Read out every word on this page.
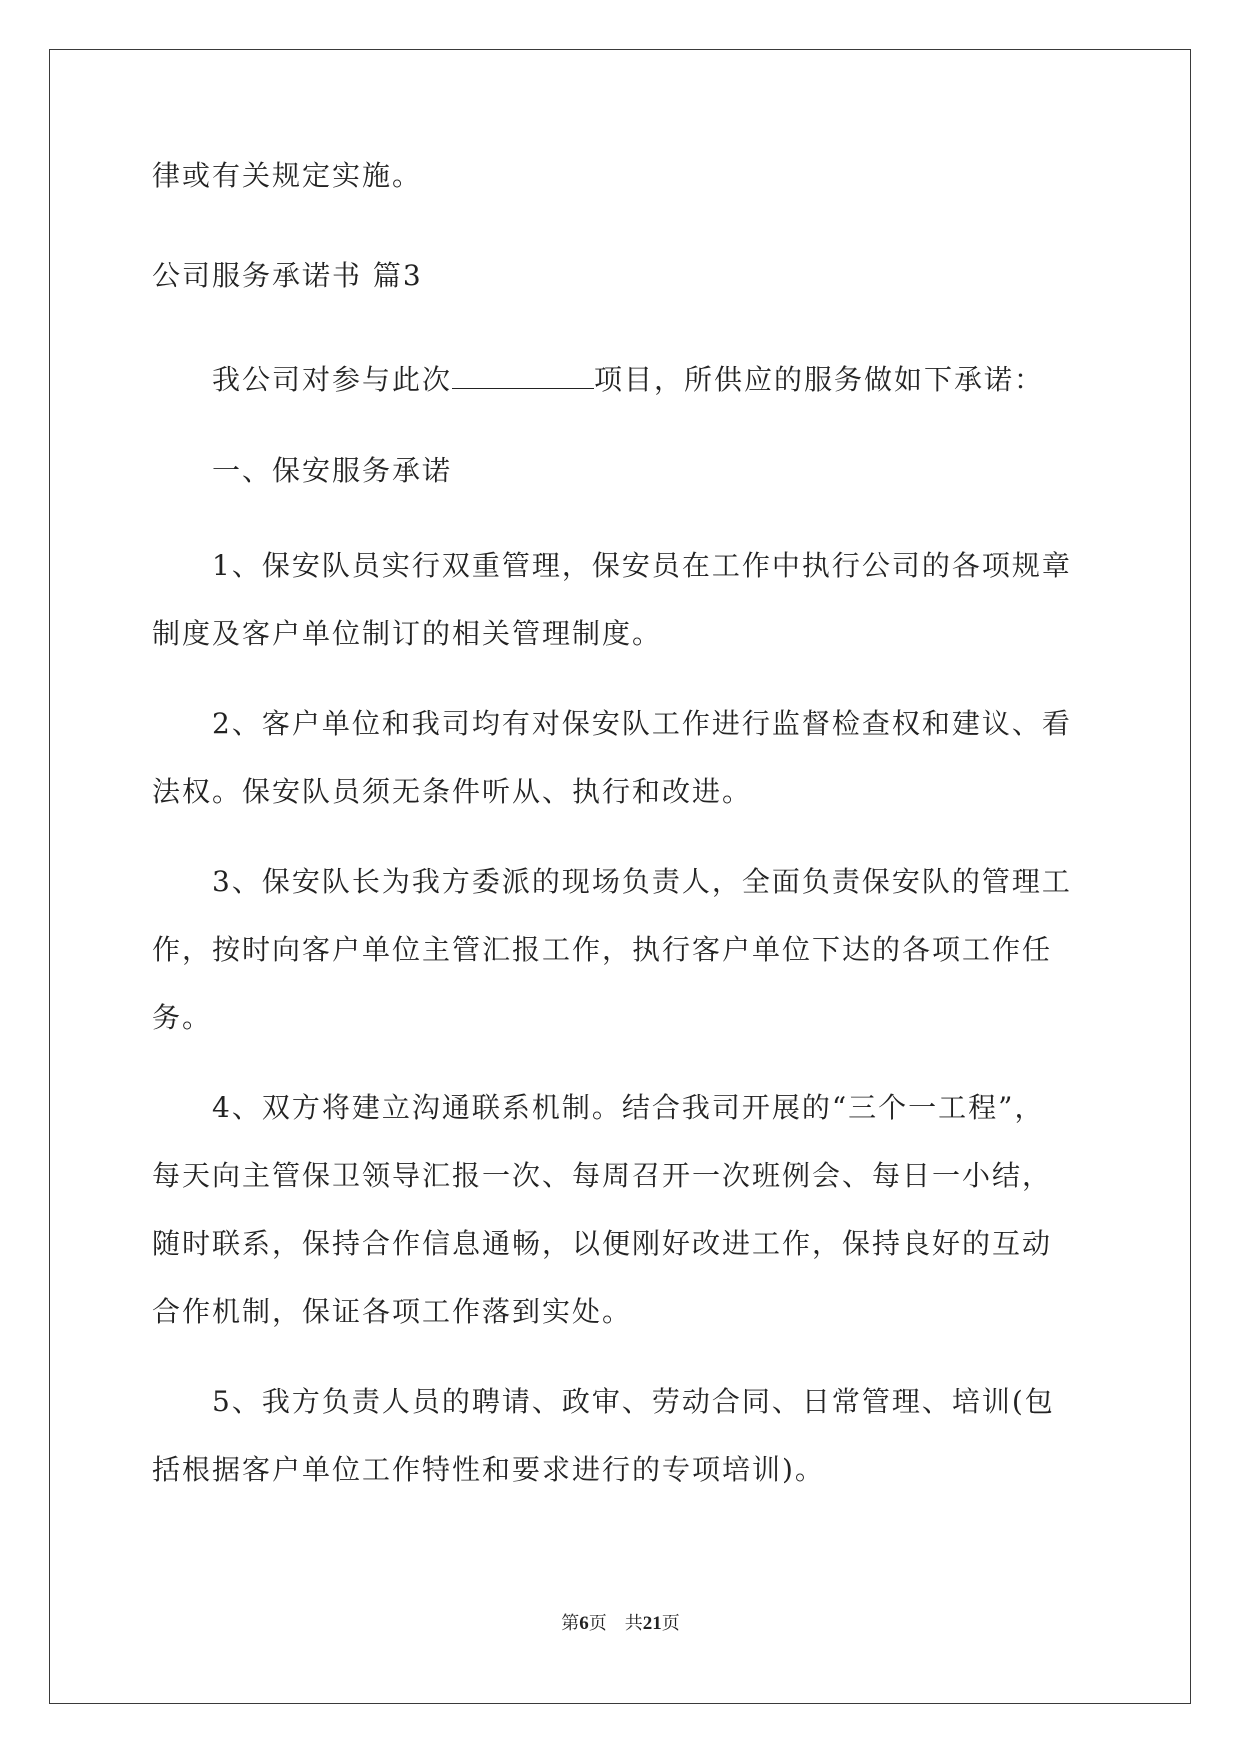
律或有关规定实施。
公司服务承诺书 篇3
我公司对参与此次	项目，所供应的服务做如下承诺：
一、保安服务承诺
1、保安队员实行双重管理，保安员在工作中执行公司的各项规章
制度及客户单位制订的相关管理制度。
2、客户单位和我司均有对保安队工作进行监督检查权和建议、看
法权。保安队员须无条件听从、执行和改进。
3、保安队长为我方委派的现场负责人，全面负责保安队的管理工
作，按时向客户单位主管汇报工作，执行客户单位下达的各项工作任
务。
4、双方将建立沟通联系机制。结合我司开展的“三个一工程”，
每天向主管保卫领导汇报一次、每周召开一次班例会、每日一小结，
随时联系，保持合作信息通畅，以便刚好改进工作，保持良好的互动
合作机制，保证各项工作落到实处。
5、我方负责人员的聘请、政审、劳动合同、日常管理、培训(包
括根据客户单位工作特性和要求进行的专项培训)。
第6页 共21页
